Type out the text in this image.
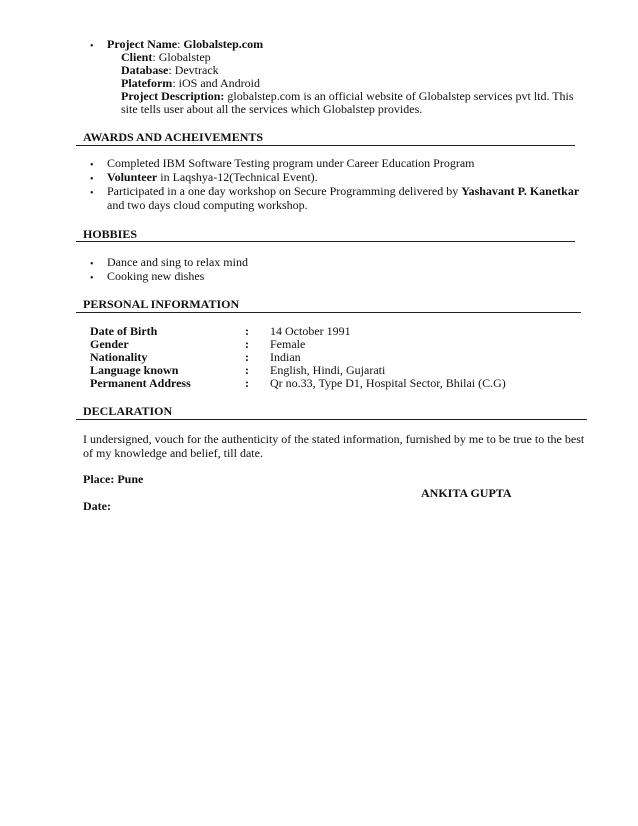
• Project Name: Globalstep.com
Client: Globalstep
Database: Devtrack
Plateform: iOS and Android
Project Description: globalstep.com is an official website of Globalstep services pvt ltd. This
site tells user about all the services which Globalstep provides.
AWARDS AND ACHEIVEMENTS
• Completed IBM Software Testing program under Career Education Program
• Volunteer in Laqshya-12(Technical Event).
• Participated in a one day workshop on Secure Programming delivered by Yashavant P. Kanetkar
and two days cloud computing workshop.
HOBBIES
• Dance and sing to relax mind
• Cooking new dishes
PERSONAL INFORMATION
Date of Birth	: 14 October 1991
Gender	: Female
Nationality	: Indian
Language known	: English, Hindi, Gujarati
Permanent Address	: Qr no.33, Type D1, Hospital Sector, Bhilai (C.G)
DECLARATION
I undersigned, vouch for the authenticity of the stated information, furnished by me to be true to the best
of my knowledge and belief, till date.
Place: Pune
ANKITA GUPTA
Date:
